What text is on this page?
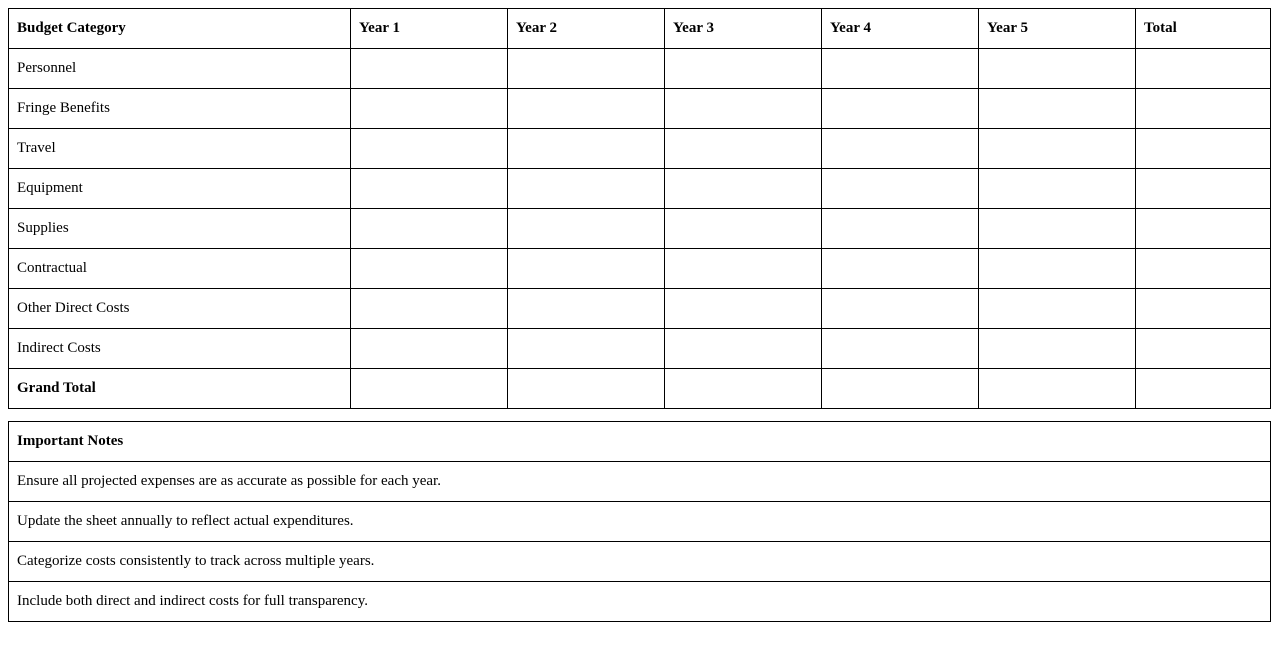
Budget Category	Year 1	Year 2	Year 3	Year 4	Year 5	Total
Personnel						
Fringe Benefits						
Travel						
Equipment						
Supplies						
Contractual						
Other Direct Costs						
Indirect Costs						
Grand Total						
Important Notes
Ensure all projected expenses are as accurate as possible for each year.
Update the sheet annually to reflect actual expenditures.
Categorize costs consistently to track across multiple years.
Include both direct and indirect costs for full transparency.
